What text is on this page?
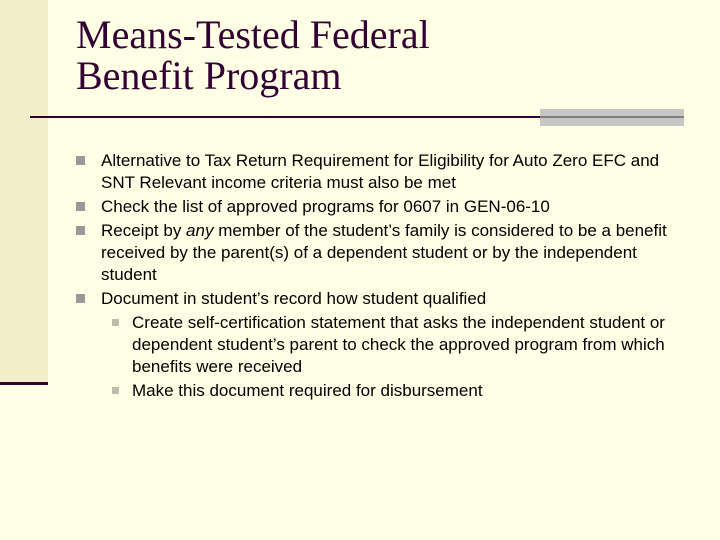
Means-Tested Federal
Benefit Program
Alternative to Tax Return Requirement for Eligibility for Auto Zero EFC and SNT Relevant income criteria must also be met
Check the list of approved programs for 0607 in GEN-06-10
Receipt by any member of the student’s family is considered to be a benefit received by the parent(s) of a dependent student or by the independent student
Document in student’s record how student qualified
Create self-certification statement that asks the independent student or dependent student’s parent to check the approved program from which benefits were received
Make this document required for disbursement
